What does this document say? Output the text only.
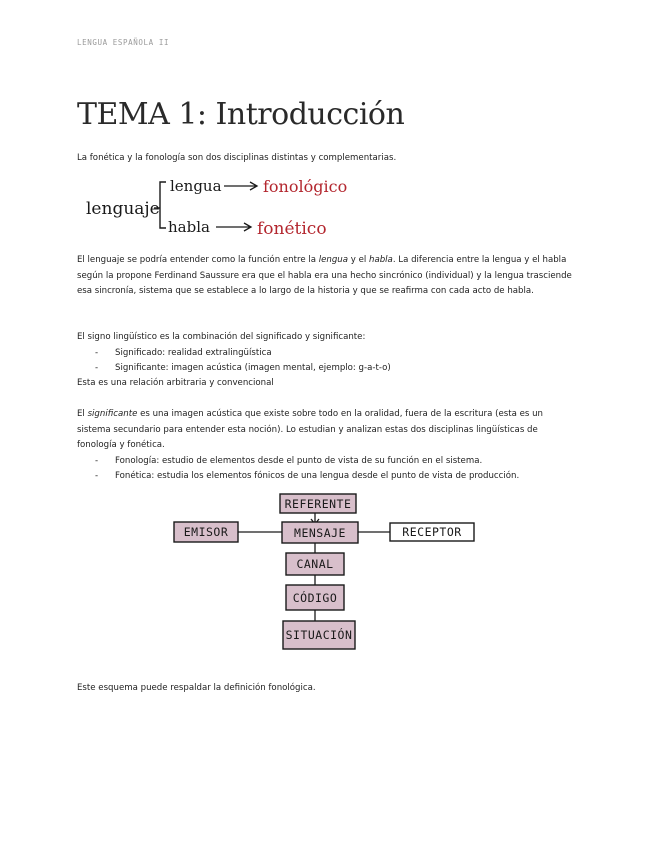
LENGUA ESPAÑOLA II
TEMA 1: Introducción

La fonética y la fonología son dos disciplinas distintas y complementarias.

lenguaje
lengua	fonológico
habla	fonético

El lenguaje se podría entender como la función entre la lengua y el habla. La diferencia entre la lengua y el habla según la propone Ferdinand Saussure era que el habla era una hecho sincrónico (individual) y la lengua trasciende esa sincronía, sistema que se establece a lo largo de la historia y que se reafirma con cada acto de habla.

El signo lingüístico es la combinación del significado y significante:

- Significado: realidad extralingüística

- Significante: imagen acústica (imagen mental, ejemplo: g-a-t-o)

Esta es una relación arbitraria y convencional

El significante es una imagen acústica que existe sobre todo en la oralidad, fuera de la escritura (esta es un sistema secundario para entender esta noción). Lo estudian y analizan estas dos disciplinas lingüísticas de fonología y fonética.

- Fonología: estudio de elementos desde el punto de vista de su función en el sistema.

- Fonética: estudia los elementos fónicos de una lengua desde el punto de vista de producción.

REFERENTE
EMISOR	MENSAJE	RECEPTOR
CANAL
CÓDIGO
SITUACIÓN

Este esquema puede respaldar la definición fonológica.
